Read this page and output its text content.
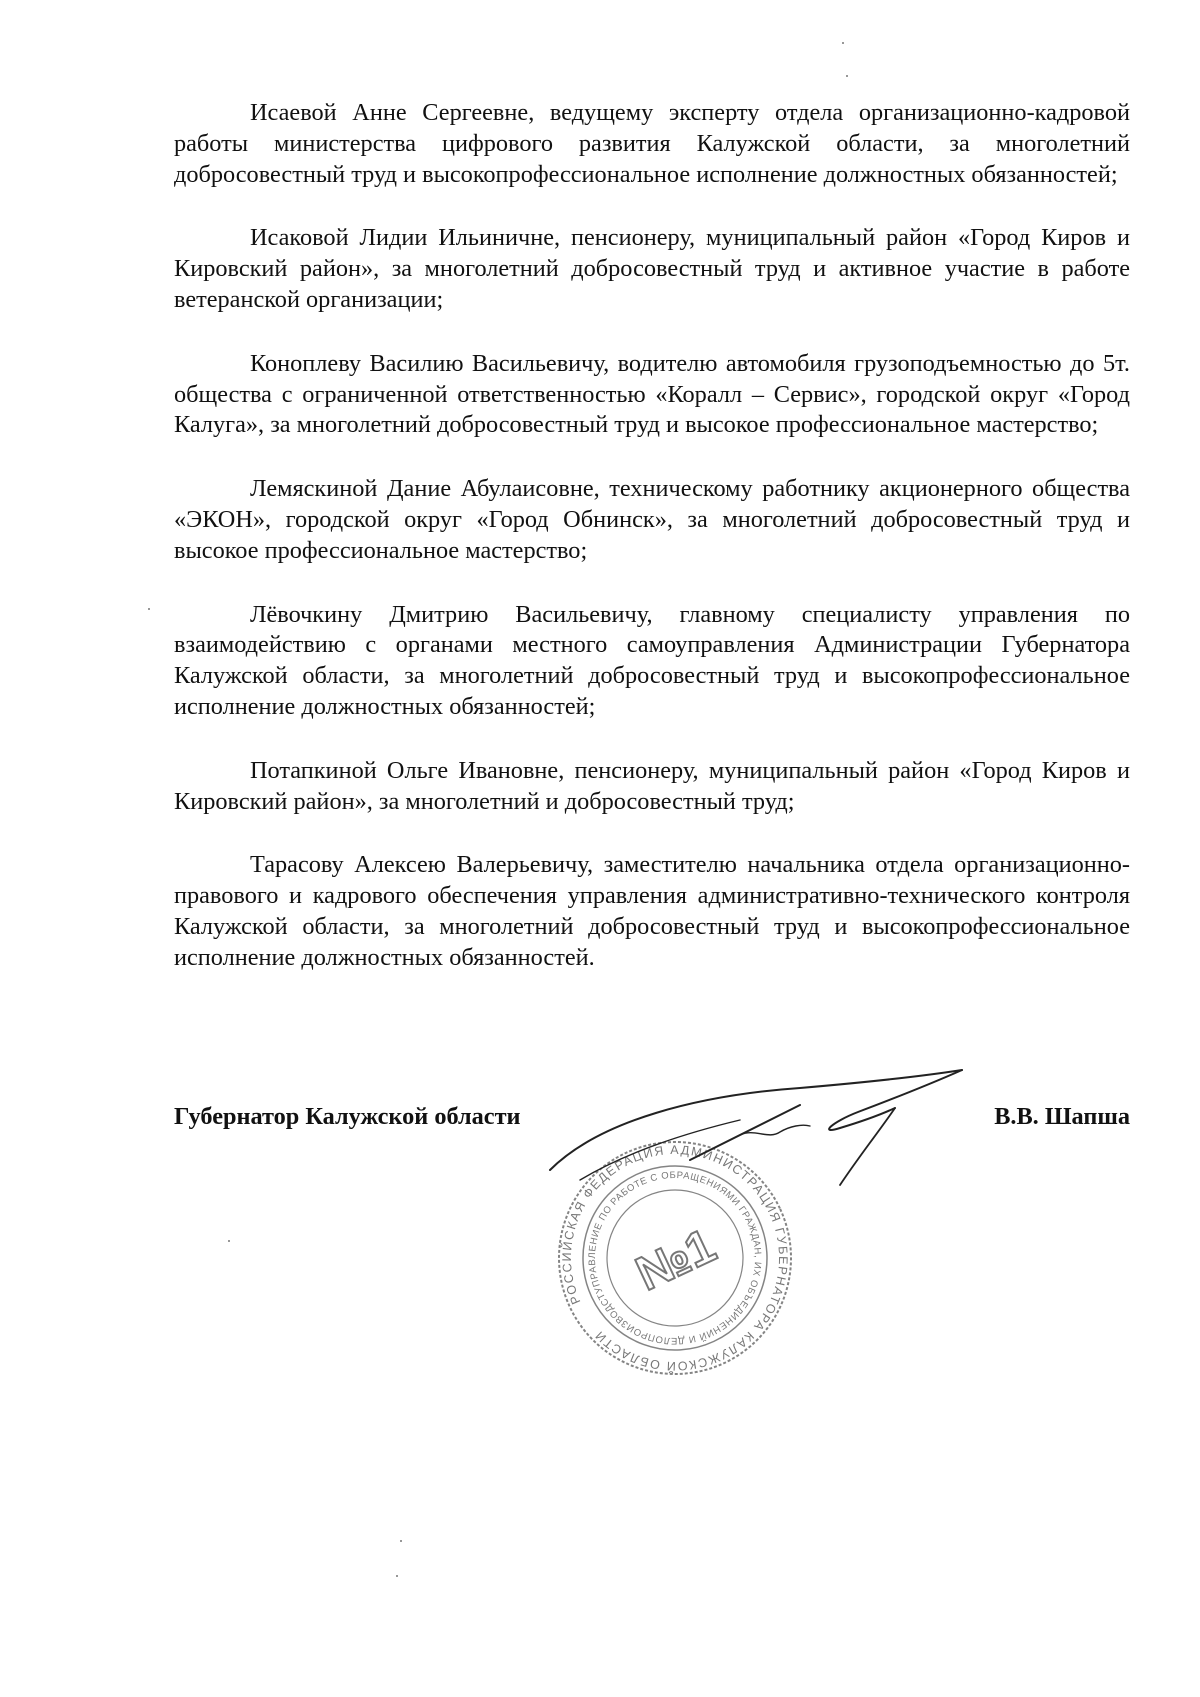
Исаевой Анне Сергеевне, ведущему эксперту отдела организационно-кадровой работы министерства цифрового развития Калужской области, за многолетний добросовестный труд и высокопрофессиональное исполнение должностных обязанностей;

Исаковой Лидии Ильиничне, пенсионеру, муниципальный район «Город Киров и Кировский район», за многолетний добросовестный труд и активное участие в работе ветеранской организации;

Коноплеву Василию Васильевичу, водителю автомобиля грузоподъемностью до 5т. общества с ограниченной ответственностью «Коралл – Сервис», городской округ «Город Калуга», за многолетний добросовестный труд и высокое профессиональное мастерство;

Лемяскиной Дание Абулаисовне, техническому работнику акционерного общества «ЭКОН», городской округ «Город Обнинск», за многолетний добросовестный труд и высокое профессиональное мастерство;

Лёвочкину Дмитрию Васильевичу, главному специалисту управления по взаимодействию с органами местного самоуправления Администрации Губернатора Калужской области, за многолетний добросовестный труд и высокопрофессиональное исполнение должностных обязанностей;

Потапкиной Ольге Ивановне, пенсионеру, муниципальный район «Город Киров и Кировский район», за многолетний и добросовестный труд;

Тарасову Алексею Валерьевичу, заместителю начальника отдела организационно-правового и кадрового обеспечения управления административно-технического контроля Калужской области, за многолетний добросовестный труд и высокопрофессиональное исполнение должностных обязанностей.

Губернатор Калужской области	В.В. Шапша
РОССИЙСКАЯ ФЕДЕРАЦИЯ АДМИНИСТРАЦИЯ ГУБЕРНАТОРА КАЛУЖСКОЙ ОБЛАСТИ
УПРАВЛЕНИЕ ПО РАБОТЕ С ОБРАЩЕНИЯМИ ГРАЖДАН, ИХ ОБЪЕДИНЕНИЙ И ДЕЛОПРОИЗВОДСТВА
№1
